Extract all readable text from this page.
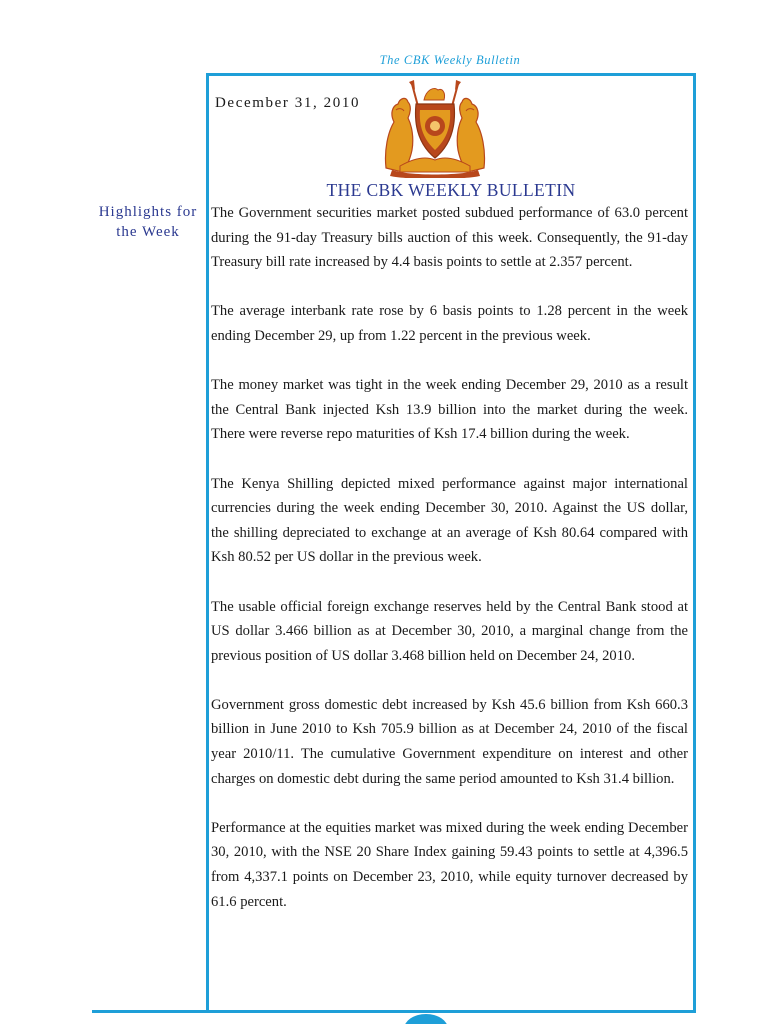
The CBK Weekly Bulletin
December 31, 2010
THE CBK WEEKLY BULLETIN
Highlights for
the Week

The Government securities market posted subdued performance of 63.0 percent during the 91-day Treasury bills auction of this week. Consequently, the 91-day Treasury bill rate increased by 4.4 basis points to settle at 2.357 percent.

The average interbank rate rose by 6 basis points to 1.28 percent in the week ending December 29, up from 1.22 percent in the previous week.

The money market was tight in the week ending December 29, 2010 as a result the Central Bank injected Ksh 13.9 billion into the market during the week. There were reverse repo maturities of Ksh 17.4 billion during the week.

The Kenya Shilling depicted mixed performance against major international currencies during the week ending December 30, 2010. Against the US dollar, the shilling depreciated to exchange at an average of Ksh 80.64 compared with Ksh 80.52 per US dollar in the previous week.

The usable official foreign exchange reserves held by the Central Bank stood at US dollar 3.466 billion as at December 30, 2010, a marginal change from the previous position of US dollar 3.468 billion held on December 24, 2010.

Government gross domestic debt increased by Ksh 45.6 billion from Ksh 660.3 billion in June 2010 to Ksh 705.9 billion as at December 24, 2010 of the fiscal year 2010/11. The cumulative Government expenditure on interest and other charges on domestic debt during the same period amounted to Ksh 31.4 billion.

Performance at the equities market was mixed during the week ending December 30, 2010, with the NSE 20 Share Index gaining 59.43 points to settle at 4,396.5 from 4,337.1 points on December 23, 2010, while equity turnover decreased by 61.6 percent.
